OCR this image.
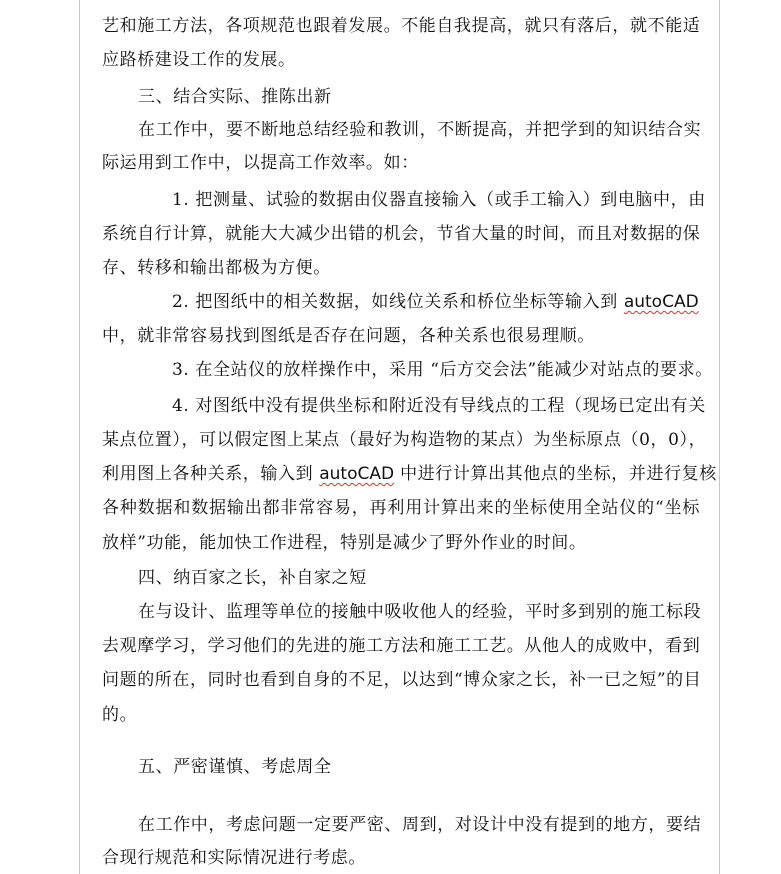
艺和施工方法，各项规范也跟着发展。不能自我提高，就只有落后，就不能适
应路桥建设工作的发展。
三、结合实际、推陈出新
在工作中，要不断地总结经验和教训，不断提高，并把学到的知识结合实
际运用到工作中，以提高工作效率。如：
1. 把测量、试验的数据由仪器直接输入（或手工输入）到电脑中，由
系统自行计算，就能大大减少出错的机会，节省大量的时间，而且对数据的保
存、转移和输出都极为方便。
2. 把图纸中的相关数据，如线位关系和桥位坐标等输入到 autoCAD
中，就非常容易找到图纸是否存在问题，各种关系也很易理顺。
3. 在全站仪的放样操作中，采用 “后方交会法”能减少对站点的要求。
4. 对图纸中没有提供坐标和附近没有导线点的工程（现场已定出有关
某点位置），可以假定图上某点（最好为构造物的某点）为坐标原点（0，0），
利用图上各种关系，输入到 autoCAD 中进行计算出其他点的坐标，并进行复核
各种数据和数据输出都非常容易，再利用计算出来的坐标使用全站仪的“坐标
放样”功能，能加快工作进程，特别是减少了野外作业的时间。
四、纳百家之长，补自家之短
在与设计、监理等单位的接触中吸收他人的经验，平时多到别的施工标段
去观摩学习，学习他们的先进的施工方法和施工工艺。从他人的成败中，看到
问题的所在，同时也看到自身的不足，以达到“博众家之长，补一已之短”的目
的。
五、严密谨慎、考虑周全
在工作中，考虑问题一定要严密、周到，对设计中没有提到的地方，要结
合现行规范和实际情况进行考虑。
